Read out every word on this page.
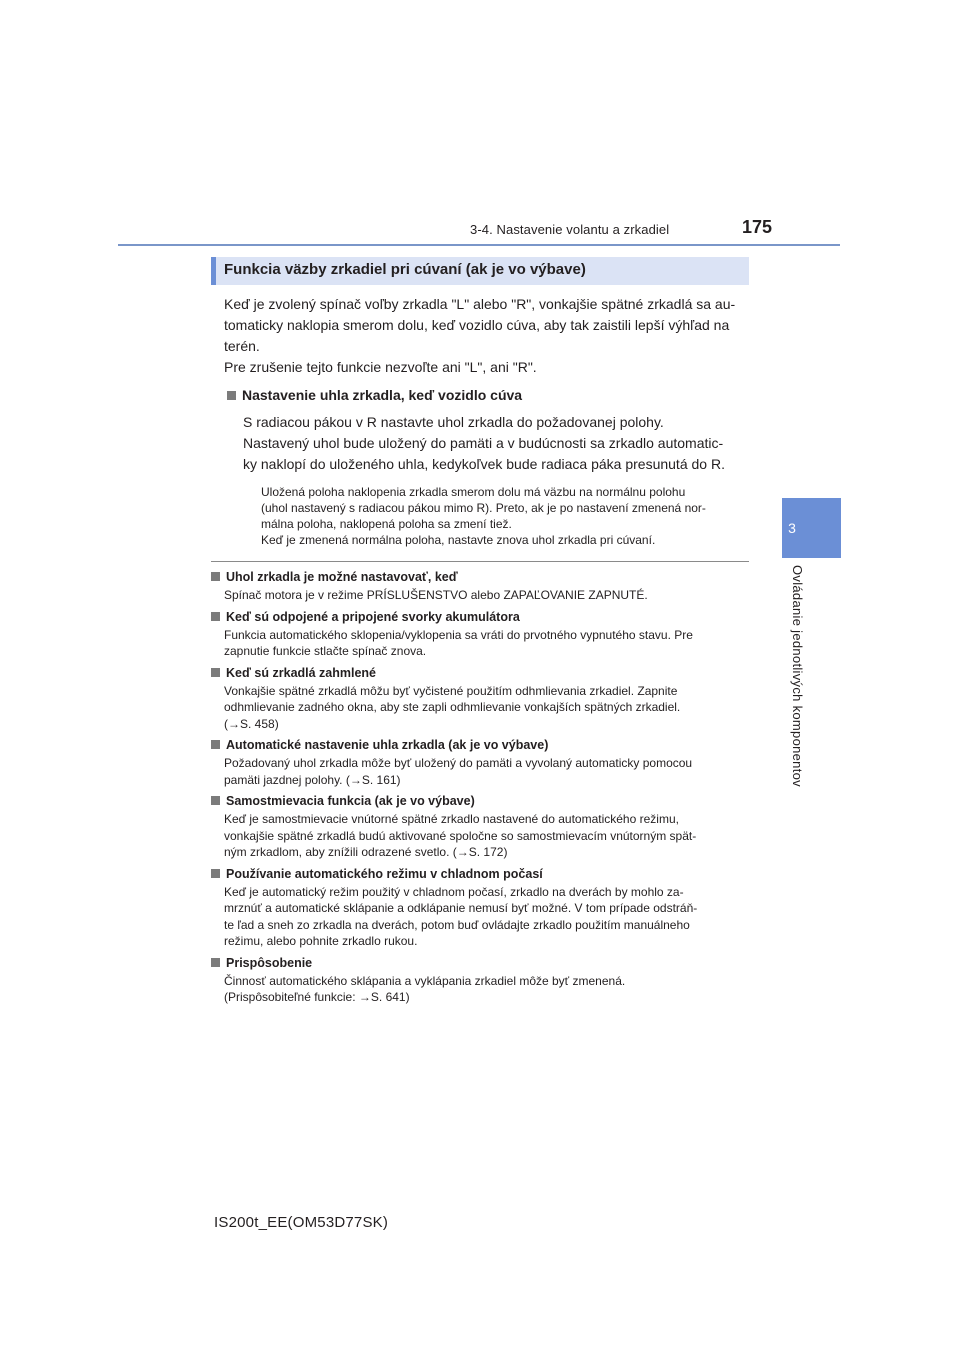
3-4. Nastavenie volantu a zrkadiel	175
3
Ovládanie jednotlivých komponentov
Funkcia väzby zrkadiel pri cúvaní (ak je vo výbave)
Keď je zvolený spínač voľby zrkadla "L" alebo "R", vonkajšie spätné zrkadlá sa au-
tomaticky naklopia smerom dolu, keď vozidlo cúva, aby tak zaistili lepší výhľad na
terén.
Pre zrušenie tejto funkcie nezvoľte ani "L", ani "R".
Nastavenie uhla zrkadla, keď vozidlo cúva
S radiacou pákou v R nastavte uhol zrkadla do požadovanej polohy.
Nastavený uhol bude uložený do pamäti a v budúcnosti sa zrkadlo automatic-
ky naklopí do uloženého uhla, kedykoľvek bude radiaca páka presunutá do R.
Uložená poloha naklopenia zrkadla smerom dolu má väzbu na normálnu polohu
(uhol nastavený s radiacou pákou mimo R). Preto, ak je po nastavení zmenená nor-
málna poloha, naklopená poloha sa zmení tiež.
Keď je zmenená normálna poloha, nastavte znova uhol zrkadla pri cúvaní.
Uhol zrkadla je možné nastavovať, keď
Spínač motora je v režime PRÍSLUŠENSTVO alebo ZAPAĽOVANIE ZAPNUTÉ.
Keď sú odpojené a pripojené svorky akumulátora
Funkcia automatického sklopenia/vyklopenia sa vráti do prvotného vypnutého stavu. Pre
zapnutie funkcie stlačte spínač znova.
Keď sú zrkadlá zahmlené
Vonkajšie spätné zrkadlá môžu byť vyčistené použitím odhmlievania zrkadiel. Zapnite
odhmlievanie zadného okna, aby ste zapli odhmlievanie vonkajších spätných zrkadiel.
(→S. 458)
Automatické nastavenie uhla zrkadla (ak je vo výbave)
Požadovaný uhol zrkadla môže byť uložený do pamäti a vyvolaný automaticky pomocou
pamäti jazdnej polohy. (→S. 161)
Samostmievacia funkcia (ak je vo výbave)
Keď je samostmievacie vnútorné spätné zrkadlo nastavené do automatického režimu,
vonkajšie spätné zrkadlá budú aktivované spoločne so samostmievacím vnútorným spät-
ným zrkadlom, aby znížili odrazené svetlo. (→S. 172)
Používanie automatického režimu v chladnom počasí
Keď je automatický režim použitý v chladnom počasí, zrkadlo na dverách by mohlo za-
mrznúť a automatické sklápanie a odklápanie nemusí byť možné. V tom prípade odstráň-
te ľad a sneh zo zrkadla na dverách, potom buď ovládajte zrkadlo použitím manuálneho
režimu, alebo pohnite zrkadlo rukou.
Prispôsobenie
Činnosť automatického sklápania a vyklápania zrkadiel môže byť zmenená.
(Prispôsobiteľné funkcie: →S. 641)
IS200t_EE(OM53D77SK)
